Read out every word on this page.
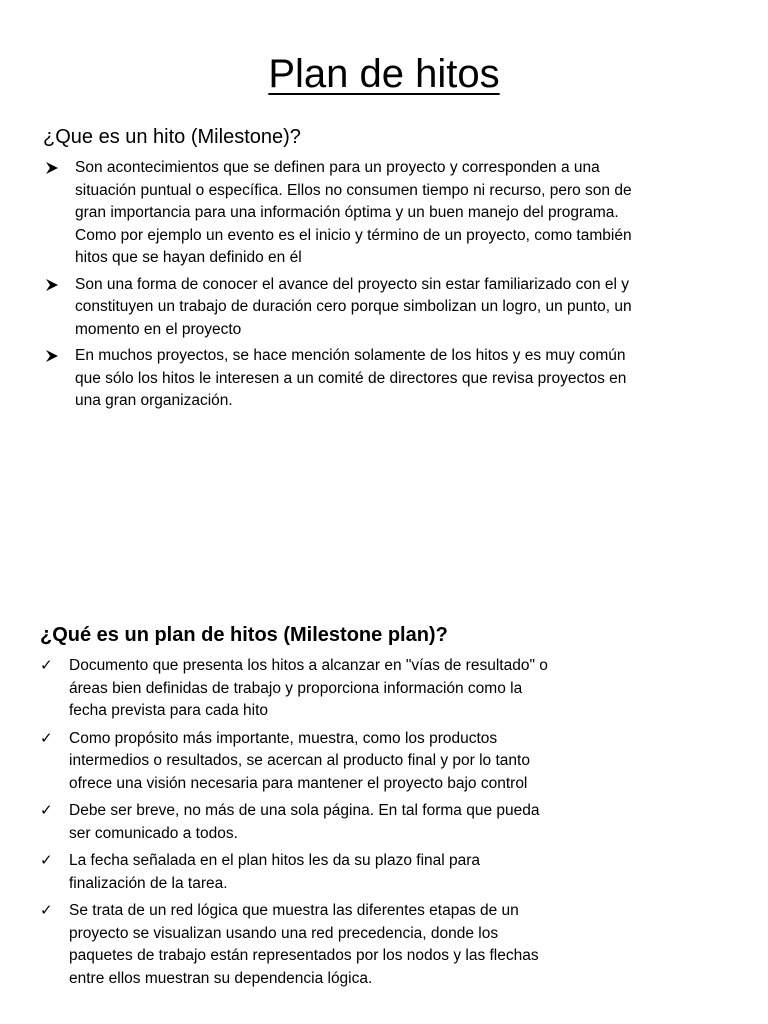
Plan de hitos
¿Que es un hito (Milestone)?
Son acontecimientos que se definen para un proyecto y corresponden a una situación puntual o específica. Ellos no consumen tiempo ni recurso, pero son de gran importancia para una información óptima y un buen manejo del programa. Como por ejemplo un evento es el inicio y término de un proyecto, como también hitos que se hayan definido en él
Son una forma de conocer el avance del proyecto sin estar familiarizado con el y constituyen un trabajo de duración cero porque simbolizan un logro, un punto, un momento en el proyecto
En muchos proyectos, se hace mención solamente de los hitos y es muy común que sólo los hitos le interesen a un comité de directores que revisa proyectos en una gran organización.
¿Qué es un plan de hitos (Milestone plan)?
✓ Documento que presenta los hitos a alcanzar en "vías de resultado" o áreas bien definidas de trabajo y proporciona información como la fecha prevista para cada hito
✓ Como propósito más importante, muestra, como los productos intermedios o resultados, se acercan al producto final y por lo tanto ofrece una visión necesaria para mantener el proyecto bajo control
✓ Debe ser breve, no más de una sola página. En tal forma que pueda ser comunicado a todos.
✓ La fecha señalada en el plan hitos les da su plazo final para finalización de la tarea.
✓ Se trata de un red lógica que muestra las diferentes etapas de un proyecto se visualizan usando una red precedencia, donde los paquetes de trabajo están representados por los nodos y las flechas entre ellos muestran su dependencia lógica.
